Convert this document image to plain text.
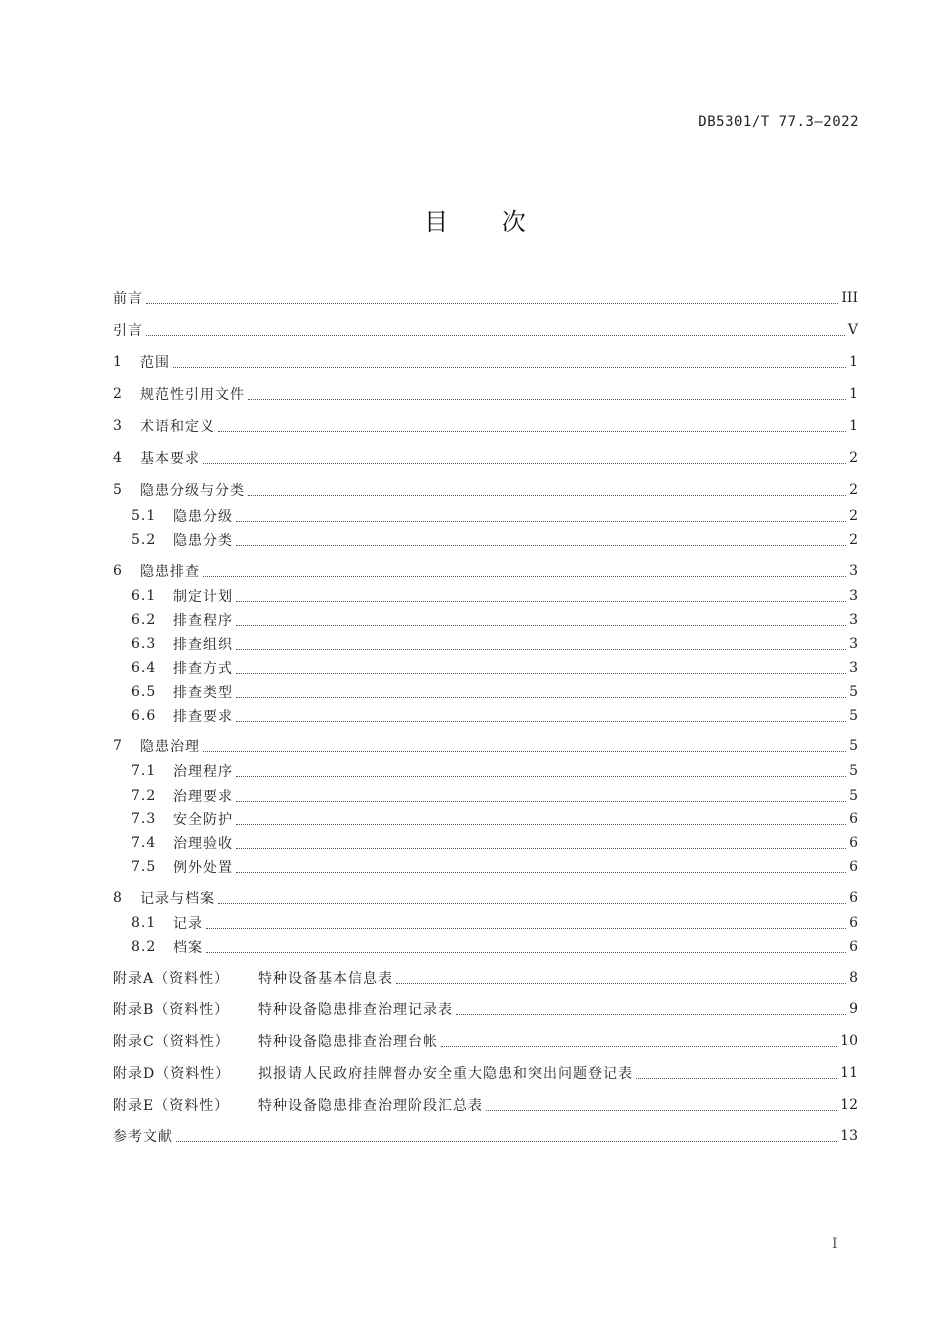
DB5301/T 77.3—2022
目 次
前言	III
引言	V
1	范围	1
2	规范性引用文件	1
3	术语和定义	1
4	基本要求	2
5	隐患分级与分类	2
5.1	隐患分级	2
5.2	隐患分类	2
6	隐患排查	3
6.1	制定计划	3
6.2	排查程序	3
6.3	排查组织	3
6.4	排查方式	3
6.5	排查类型	5
6.6	排查要求	5
7	隐患治理	5
7.1	治理程序	5
7.2	治理要求	5
7.3	安全防护	6
7.4	治理验收	6
7.5	例外处置	6
8	记录与档案	6
8.1	记录	6
8.2	档案	6
附录A（资料性）	特种设备基本信息表	8
附录B（资料性）	特种设备隐患排查治理记录表	9
附录C（资料性）	特种设备隐患排查治理台帐	10
附录D（资料性）	拟报请人民政府挂牌督办安全重大隐患和突出问题登记表	11
附录E（资料性）	特种设备隐患排查治理阶段汇总表	12
参考文献	13
I
